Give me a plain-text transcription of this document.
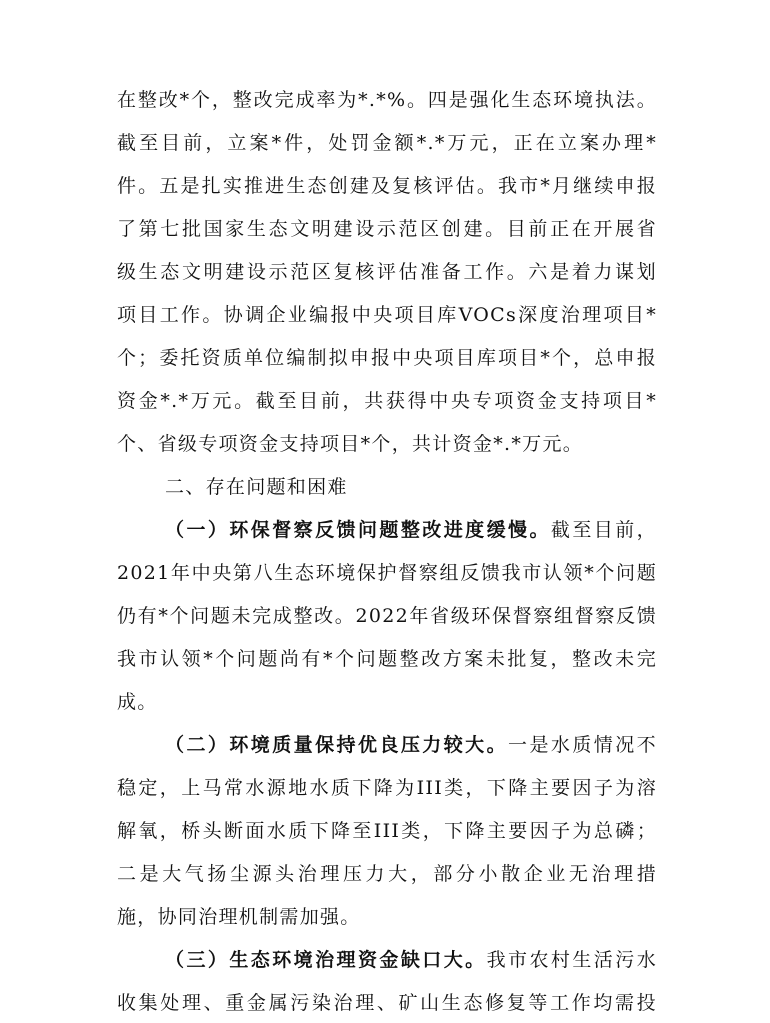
在整改*个，整改完成率为*.*%。四是强化生态环境执法。
截至目前，立案*件，处罚金额*.*万元，正在立案办理*
件。五是扎实推进生态创建及复核评估。我市*月继续申报
了第七批国家生态文明建设示范区创建。目前正在开展省
级生态文明建设示范区复核评估准备工作。六是着力谋划
项目工作。协调企业编报中央项目库VOCs深度治理项目*
个；委托资质单位编制拟申报中央项目库项目*个，总申报
资金*.*万元。截至目前，共获得中央专项资金支持项目*
个、省级专项资金支持项目*个，共计资金*.*万元。
二、存在问题和困难
（一）环保督察反馈问题整改进度缓慢。截至目前，
2021年中央第八生态环境保护督察组反馈我市认领*个问题
仍有*个问题未完成整改。2022年省级环保督察组督察反馈
我市认领*个问题尚有*个问题整改方案未批复，整改未完
成。
（二）环境质量保持优良压力较大。一是水质情况不
稳定，上马常水源地水质下降为III类，下降主要因子为溶
解氧，桥头断面水质下降至III类，下降主要因子为总磷；
二是大气扬尘源头治理压力大，部分小散企业无治理措
施，协同治理机制需加强。
（三）生态环境治理资金缺口大。我市农村生活污水
收集处理、重金属污染治理、矿山生态修复等工作均需投
